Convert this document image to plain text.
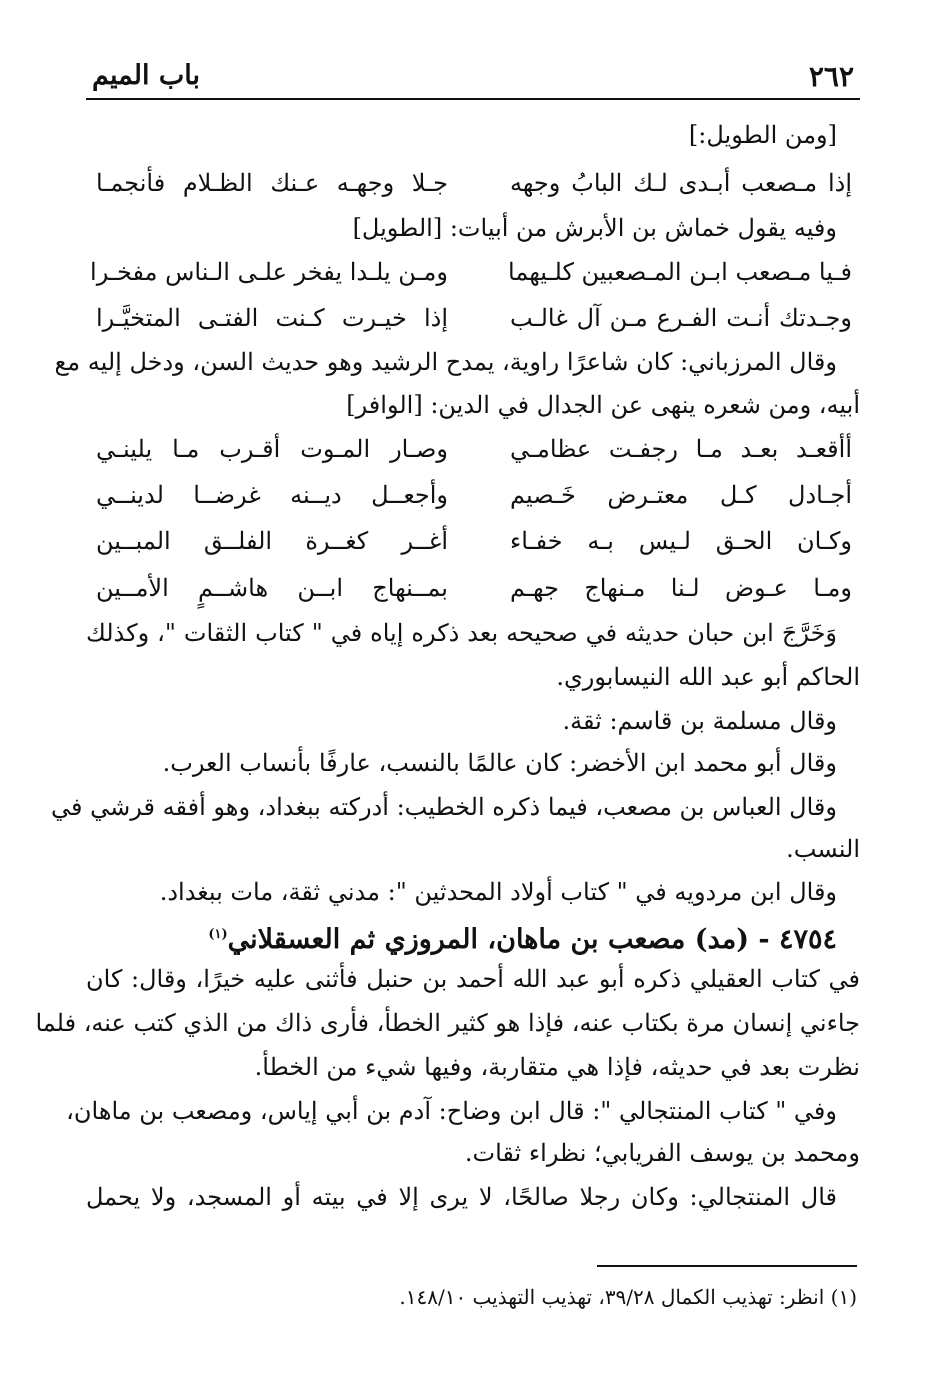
٢٦٢
باب الميم
[ومن الطويل:]
إذا مـصعب أبـدى لـك البابُ وجهه
جـلا وجهـه عـنك الظـلام فأنجمـا
وفيه يقول خماش بن الأبرش من أبيات: [الطويل]
فـيا مـصعب ابـن المـصعبين كلـيهما
ومـن يلـدا يفخر علـى الـناس مفخـرا
وجـدتك أنـت الفـرع مـن آل غالـب
إذا خيـرت كـنت الفتـى المتخيَّـرا
وقال المرزباني: كان شاعرًا راوية، يمدح الرشيد وهو حديث السن، ودخل إليه مع
أبيه، ومن شعره ينهى عن الجدال في الدين: [الوافر]
أأقعـد بعـد مـا رجفـت عظامـي
وصـار المـوت أقـرب مـا يلينـي
أجـادل كـل معتـرض خَـصيم
وأجعــل ديــنه غرضــا لدينــي
وكـان الحـق لـيس بـه خفـاء
أغــر كغــرة الفلــق المبــين
ومـا عـوض لـنا مـنهاج جهـم
بمــنهاج ابــن هاشــمٍ الأمــين
وَخَرَّجَ ابن حبان حديثه في صحيحه بعد ذكره إياه في " كتاب الثقات "، وكذلك
الحاكم أبو عبد الله النيسابوري.
وقال مسلمة بن قاسم: ثقة.
وقال أبو محمد ابن الأخضر: كان عالمًا بالنسب، عارفًا بأنساب العرب.
وقال العباس بن مصعب، فيما ذكره الخطيب: أدركته ببغداد، وهو أفقه قرشي في
النسب.
وقال ابن مردويه في " كتاب أولاد المحدثين ": مدني ثقة، مات ببغداد.
٤٧٥٤ - (مد) مصعب بن ماهان، المروزي ثم العسقلاني$^{(١)}$
في كتاب العقيلي ذكره أبو عبد الله أحمد بن حنبل فأثنى عليه خيرًا، وقال: كان
جاءني إنسان مرة بكتاب عنه، فإذا هو كثير الخطأ، فأرى ذاك من الذي كتب عنه، فلما
نظرت بعد في حديثه، فإذا هي متقاربة، وفيها شيء من الخطأ.
وفي " كتاب المنتجالي ": قال ابن وضاح: آدم بن أبي إياس، ومصعب بن ماهان،
ومحمد بن يوسف الفريابي؛ نظراء ثقات.
قال المنتجالي: وكان رجلا صالحًا، لا يرى إلا في بيته أو المسجد، ولا يحمل
(١) انظر: تهذيب الكمال ٣٩/٢٨، تهذيب التهذيب ١٤٨/١٠.
